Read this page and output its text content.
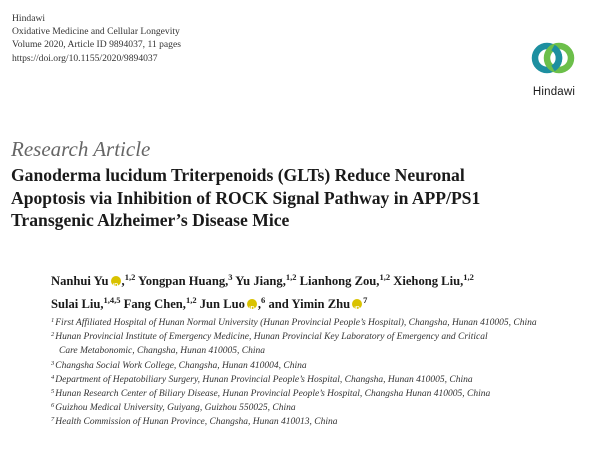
Hindawi
Oxidative Medicine and Cellular Longevity
Volume 2020, Article ID 9894037, 11 pages
https://doi.org/10.1155/2020/9894037
Hindawi
Research Article
Ganoderma lucidum Triterpenoids (GLTs) Reduce Neuronal
Apoptosis via Inhibition of ROCK Signal Pathway in APP/PS1
Transgenic Alzheimer’s Disease Mice
Nanhui Yu iD ,$^{1,2}$ Yongpan Huang,$^3$ Yu Jiang,$^{1,2}$ Lianhong Zou,$^{1,2}$ Xiehong Liu,$^{1,2}$
Sulai Liu,$^{1,4,5}$ Fang Chen,$^{1,2}$ Jun Luo iD ,$^6$ and Yimin Zhu iD $^7$
$^1$First Affiliated Hospital of Hunan Normal University (Hunan Provincial People’s Hospital), Changsha, Hunan 410005, China
$^2$Hunan Provincial Institute of Emergency Medicine, Hunan Provincial Key Laboratory of Emergency and Critical
Care Metabonomic, Changsha, Hunan 410005, China
$^3$Changsha Social Work College, Changsha, Hunan 410004, China
$^4$Department of Hepatobiliary Surgery, Hunan Provincial People’s Hospital, Changsha, Hunan 410005, China
$^5$Hunan Research Center of Biliary Disease, Hunan Provincial People’s Hospital, Changsha Hunan 410005, China
$^6$Guizhou Medical University, Guiyang, Guizhou 550025, China
$^7$Health Commission of Hunan Province, Changsha, Hunan 410013, China
